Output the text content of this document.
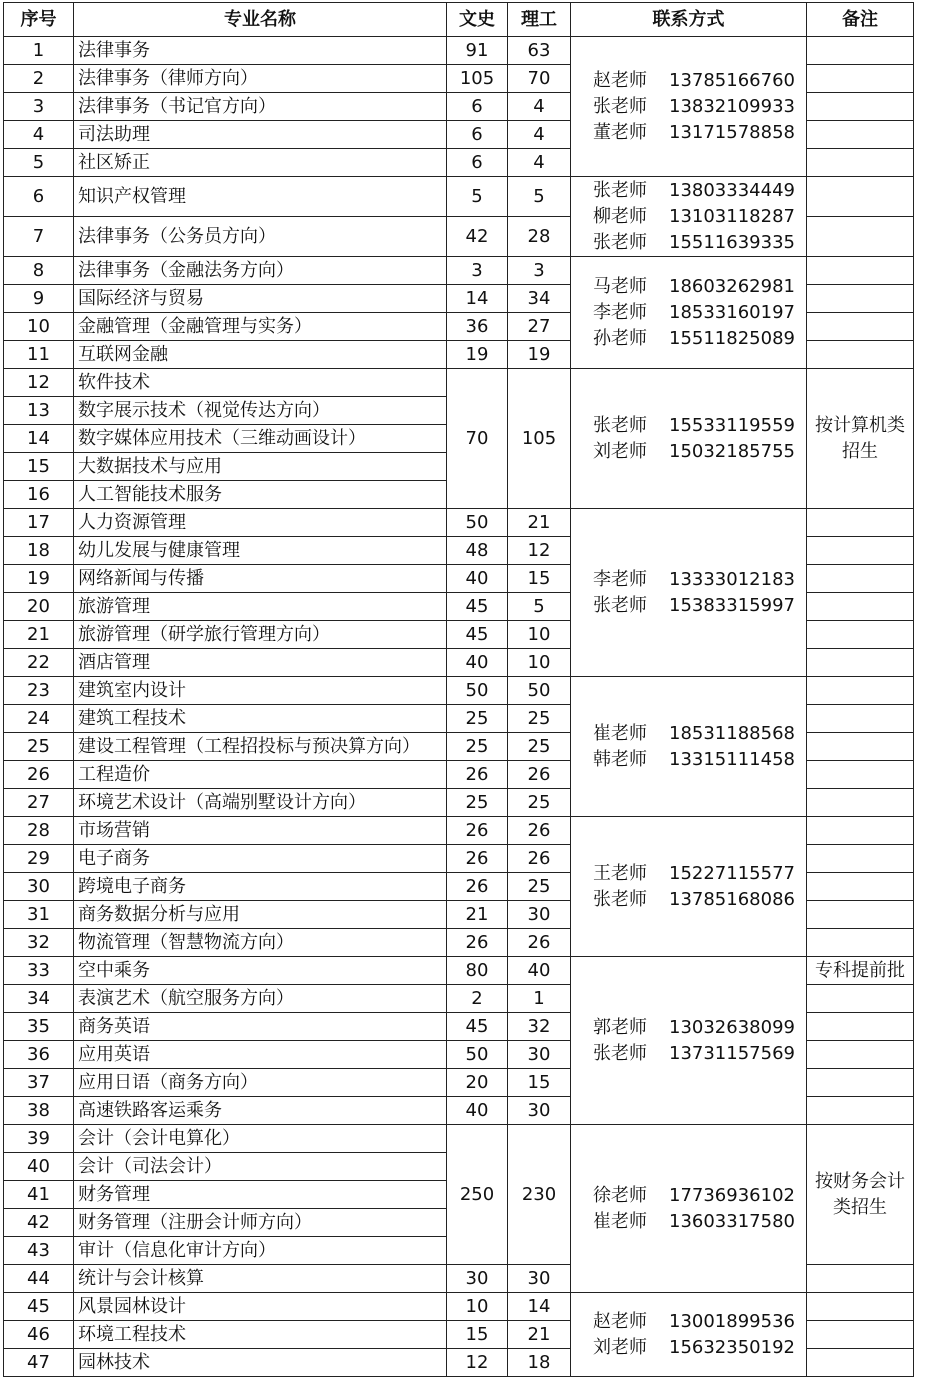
序号	专业名称	文史	理工	联系方式	备注
1	法律事务	91	63	赵老师 13785166760
张老师 13832109933
董老师 13171578858	

2	法律事务（律师方向）	105	70		
3	法律事务（书记官方向）	6	4		
4	司法助理	6	4		
5	社区矫正	6	4		
6	知识产权管理	5	5	张老师 13803334449
柳老师 13103118287
张老师 15511639335	

7	法律事务（公务员方向）	42	28		
8	法律事务（金融法务方向）	3	3	马老师 18603262981
李老师 18533160197
孙老师 15511825089	

9	国际经济与贸易	14	34		
10	金融管理（金融管理与实务）	36	27		
11	互联网金融	19	19		
12	软件技术	70	105	张老师 15533119559
刘老师 15032185755	按计算机类招生
13	数字展示技术（视觉传达方向）				
14	数字媒体应用技术（三维动画设计）				
15	大数据技术与应用				
16	人工智能技术服务				
17	人力资源管理	50	21	李老师 13333012183
张老师 15383315997	

18	幼儿发展与健康管理	48	12		
19	网络新闻与传播	40	15		
20	旅游管理	45	5		
21	旅游管理（研学旅行管理方向）	45	10		
22	酒店管理	40	10		
23	建筑室内设计	50	50	崔老师 18531188568
韩老师 13315111458	

24	建筑工程技术	25	25		
25	建设工程管理（工程招投标与预决算方向）	25	25		
26	工程造价	26	26		
27	环境艺术设计（高端别墅设计方向）	25	25		
28	市场营销	26	26	王老师 15227115577
张老师 13785168086	

29	电子商务	26	26		
30	跨境电子商务	26	25		
31	商务数据分析与应用	21	30		
32	物流管理（智慧物流方向）	26	26		
33	空中乘务	80	40	郭老师 13032638099
张老师 13731157569	专科提前批
34	表演艺术（航空服务方向）	2	1		
35	商务英语	45	32		
36	应用英语	50	30		
37	应用日语（商务方向）	20	15		
38	高速铁路客运乘务	40	30		
39	会计（会计电算化）	250	230	徐老师 17736936102
崔老师 13603317580	按财务会计类招生
40	会计（司法会计）				
41	财务管理				
42	财务管理（注册会计师方向）				
43	审计（信息化审计方向）				
44	统计与会计核算	30	30		
45	风景园林设计	10	14	赵老师 13001899536
刘老师 15632350192	

46	环境工程技术	15	21		
47	园林技术	12	18		
